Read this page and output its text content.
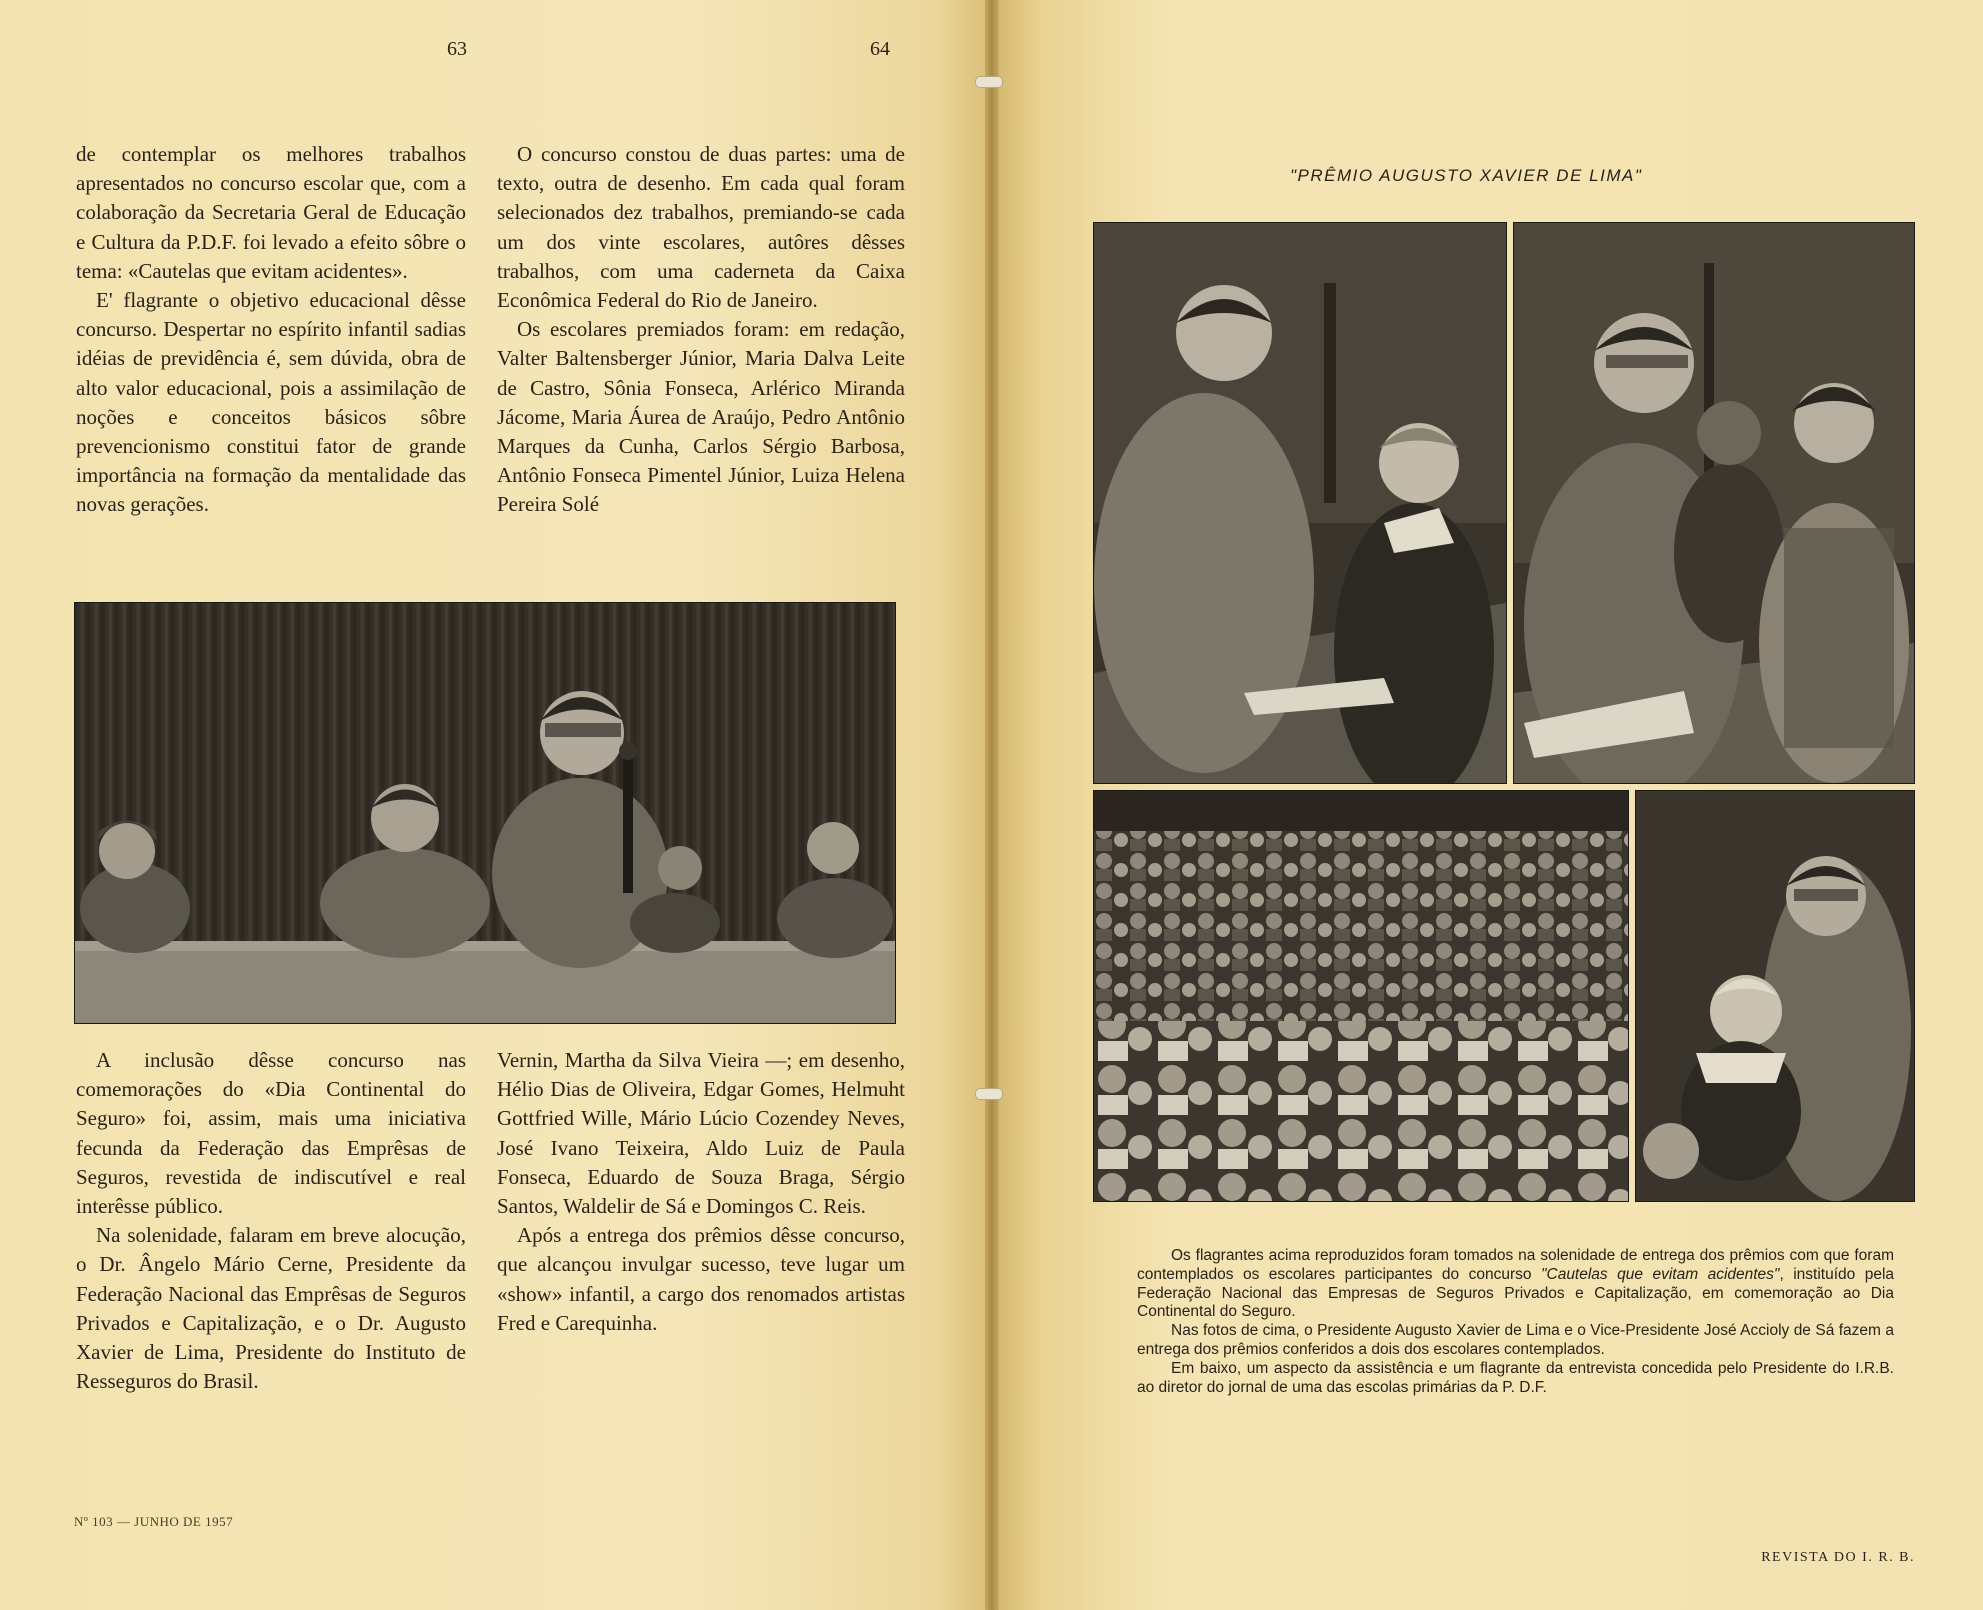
63	64

de contemplar os melhores trabalhos apresentados no concurso escolar que, com a colaboração da Secretaria Geral de Educação e Cultura da P.D.F. foi levado a efeito sôbre o tema: «Cautelas que evitam acidentes».

E' flagrante o objetivo educacional dêsse concurso. Despertar no espírito infantil sadias idéias de previdência é, sem dúvida, obra de alto valor educacional, pois a assimilação de noções e conceitos básicos sôbre prevencionismo constitui fator de grande importância na formação da mentalidade das novas gerações.

O concurso constou de duas partes: uma de texto, outra de desenho. Em cada qual foram selecionados dez trabalhos, premiando-se cada um dos vinte escolares, autôres dêsses trabalhos, com uma caderneta da Caixa Econômica Federal do Rio de Janeiro.

Os escolares premiados foram: em redação, Valter Baltensberger Júnior, Maria Dalva Leite de Castro, Sônia Fonseca, Arlérico Miranda Jácome, Maria Áurea de Araújo, Pedro Antônio Marques da Cunha, Carlos Sérgio Barbosa, Antônio Fonseca Pimentel Júnior, Luiza Helena Pereira Solé

A inclusão dêsse concurso nas comemorações do «Dia Continental do Seguro» foi, assim, mais uma iniciativa fecunda da Federação das Emprêsas de Seguros, revestida de indiscutível e real interêsse público.

Na solenidade, falaram em breve alocução, o Dr. Ângelo Mário Cerne, Presidente da Federação Nacional das Emprêsas de Seguros Privados e Capitalização, e o Dr. Augusto Xavier de Lima, Presidente do Instituto de Resseguros do Brasil.

Vernin, Martha da Silva Vieira —; em desenho, Hélio Dias de Oliveira, Edgar Gomes, Helmuht Gottfried Wille, Mário Lúcio Cozendey Neves, José Ivano Teixeira, Aldo Luiz de Paula Fonseca, Eduardo de Souza Braga, Sérgio Santos, Waldelir de Sá e Domingos C. Reis.

Após a entrega dos prêmios dêsse concurso, que alcançou invulgar sucesso, teve lugar um «show» infantil, a cargo dos renomados artistas Fred e Carequinha.

Nº 103 — JUNHO DE 1957
"PRÊMIO AUGUSTO XAVIER DE LIMA"

Os flagrantes acima reproduzidos foram tomados na solenidade de entrega dos prêmios com que foram contemplados os escolares participantes do concurso "Cautelas que evitam acidentes", instituído pela Federação Nacional das Empresas de Seguros Privados e Capitalização, em comemoração ao Dia Continental do Seguro.

Nas fotos de cima, o Presidente Augusto Xavier de Lima e o Vice-Presidente José Accioly de Sá fazem a entrega dos prêmios conferidos a dois dos escolares contemplados.

Em baixo, um aspecto da assistência e um flagrante da entrevista concedida pelo Presidente do I.R.B. ao diretor do jornal de uma das escolas primárias da P. D.F.

REVISTA DO I. R. B.
